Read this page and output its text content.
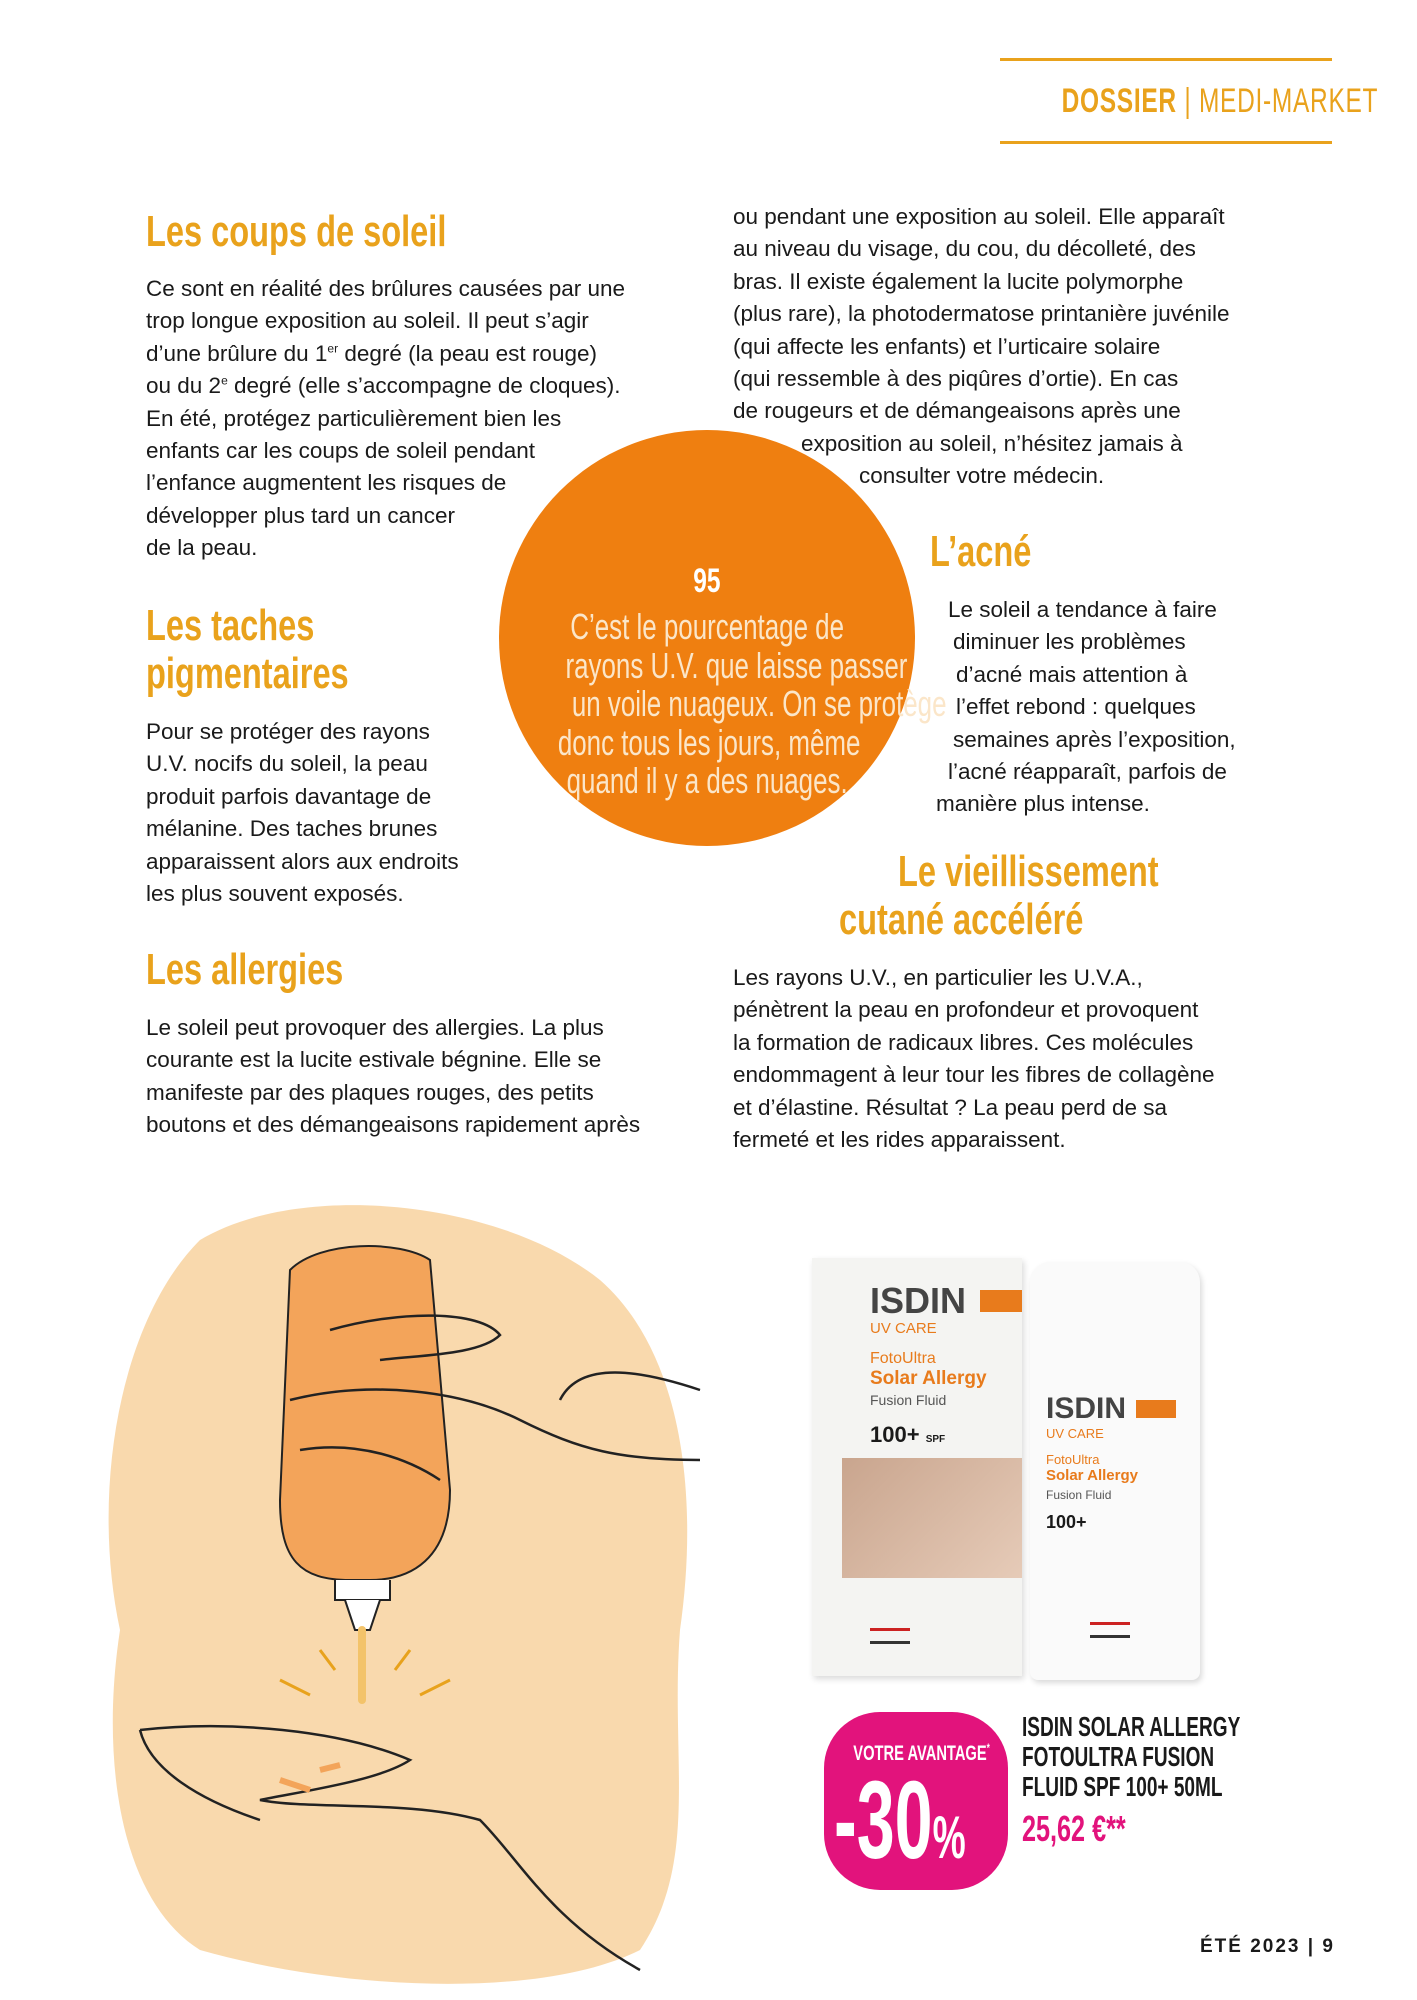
DOSSIER | MEDI-MARKET
Les coups de soleil
Ce sont en réalité des brûlures causées par une
trop longue exposition au soleil. Il peut s’agir
d’une brûlure du 1er degré (la peau est rouge)
ou du 2e degré (elle s’accompagne de cloques).
En été, protégez particulièrement bien les
enfants car les coups de soleil pendant
l’enfance augmentent les risques de
développer plus tard un cancer
de la peau.
Les taches
pigmentaires
Pour se protéger des rayons
U.V. nocifs du soleil, la peau
produit parfois davantage de
mélanine. Des taches brunes
apparaissent alors aux endroits
les plus souvent exposés.
Les allergies
Le soleil peut provoquer des allergies. La plus
courante est la lucite estivale bégnine. Elle se
manifeste par des plaques rouges, des petits
boutons et des démangeaisons rapidement après
ou pendant une exposition au soleil. Elle apparaît
au niveau du visage, du cou, du décolleté, des
bras. Il existe également la lucite polymorphe
(plus rare), la photodermatose printanière juvénile
(qui affecte les enfants) et l’urticaire solaire
(qui ressemble à des piqûres d’ortie). En cas
de rougeurs et de démangeaisons après une
exposition au soleil, n’hésitez jamais à
consulter votre médecin.
L’acné
Le soleil a tendance à faire
diminuer les problèmes
d’acné mais attention à
l’effet rebond : quelques
semaines après l’exposition,
l’acné réapparaît, parfois de
manière plus intense.
Le vieillissement
cutané accéléré
Les rayons U.V., en particulier les U.V.A.,
pénètrent la peau en profondeur et provoquent
la formation de radicaux libres. Ces molécules
endommagent à leur tour les fibres de collagène
et d’élastine. Résultat ? La peau perd de sa
fermeté et les rides apparaissent.
95
C’est le pourcentage de
rayons U.V. que laisse passer
un voile nuageux. On se protège
donc tous les jours, même
quand il y a des nuages.
ISDIN
UV CARE
FotoUltra
Solar Allergy
Fusion Fluid
100+ SPF
ISDIN
UV CARE
FotoUltra
Solar Allergy
Fusion Fluid
100+
VOTRE AVANTAGE*
-30%
ISDIN SOLAR ALLERGY
FOTOULTRA FUSION
FLUID SPF 100+ 50ML
25,62 €**
ÉTÉ 2023 | 9
